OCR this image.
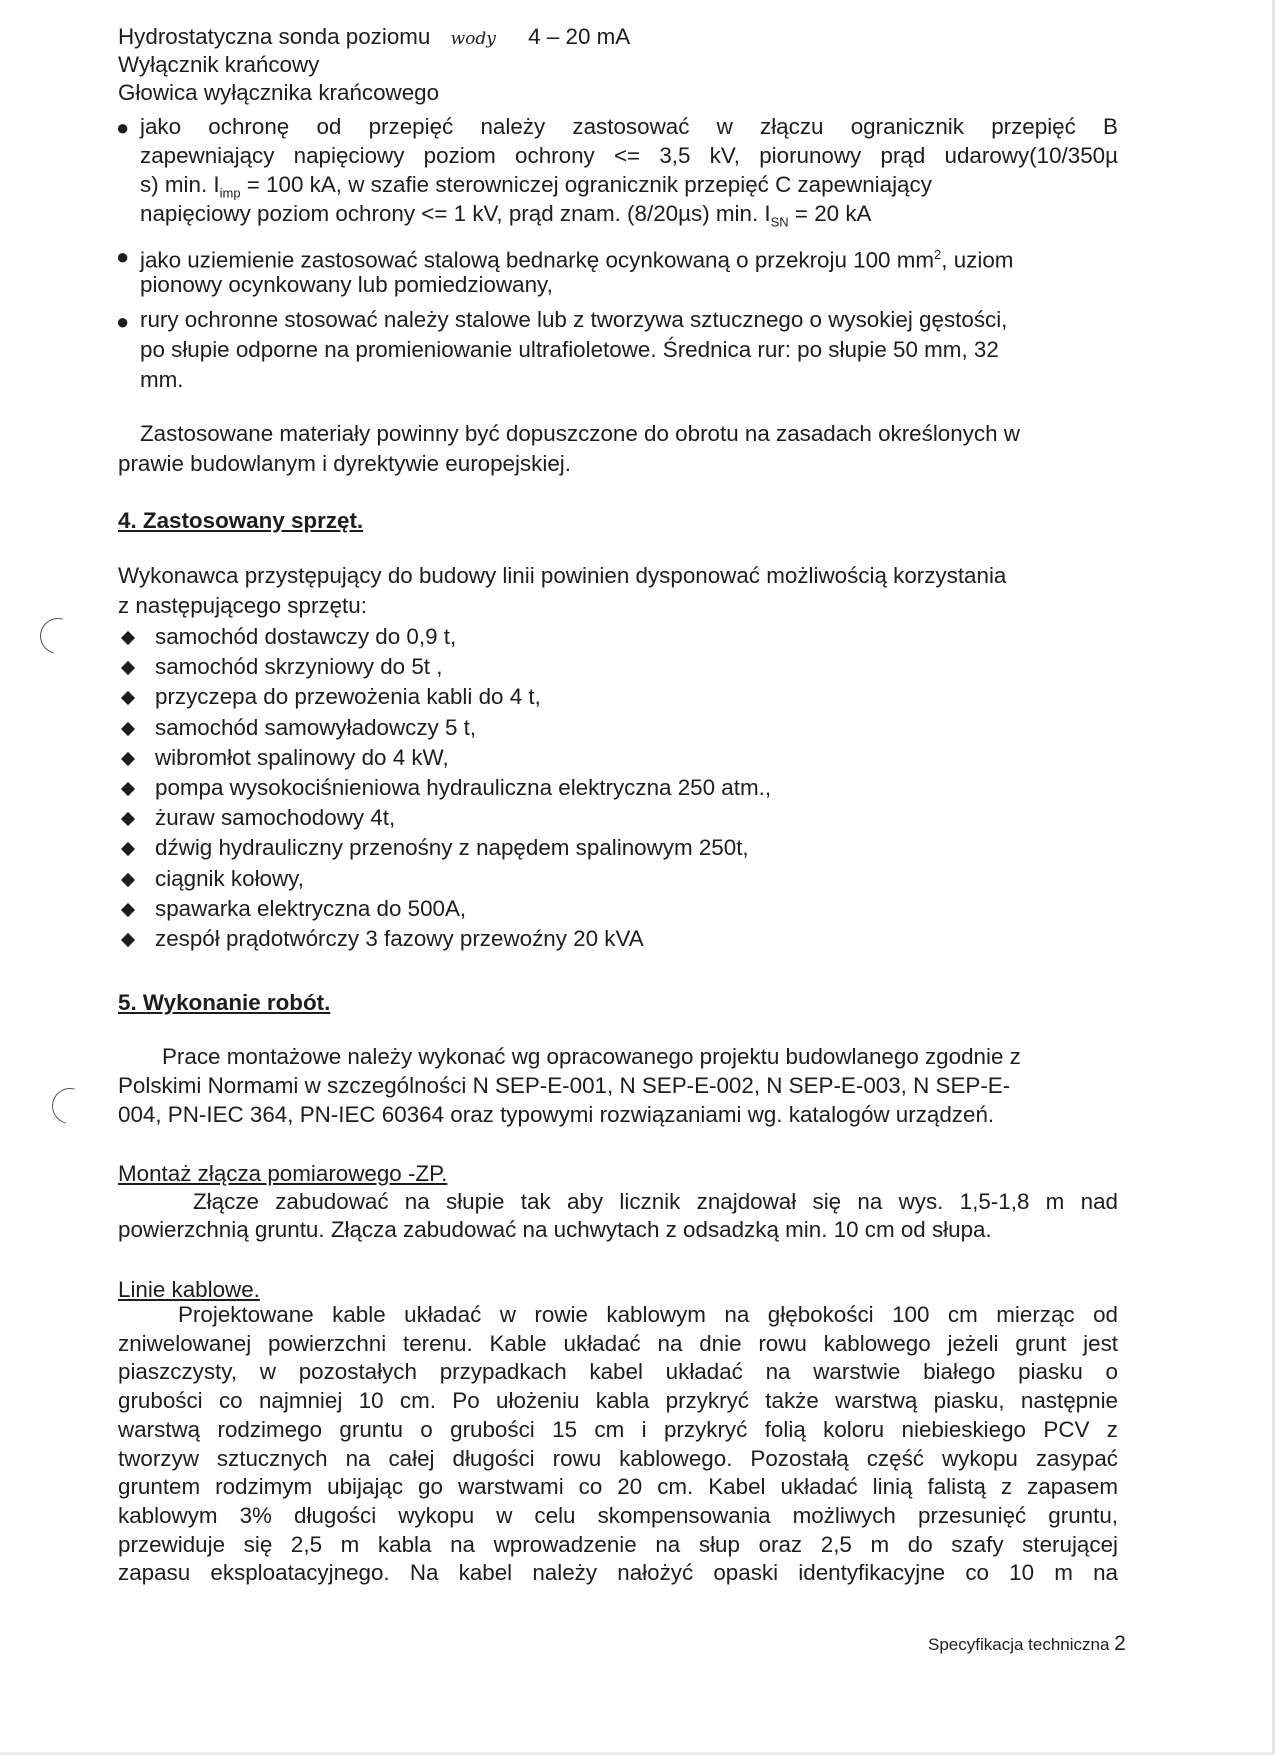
Hydrostatyczna sonda poziomu wody 4 – 20 mA
Wyłącznik krańcowy
Głowica wyłącznika krańcowego
● jako ochronę od przepięć należy zastosować w złączu ogranicznik przepięć B
zapewniający napięciowy poziom ochrony <= 3,5 kV, piorunowy prąd udarowy(10/350µ
s) min. $I_{imp} = 100$ kA, w szafie sterowniczej ogranicznik przepięć C zapewniający
napięciowy poziom ochrony <= 1 kV, prąd znam. (8/20µs) min. $I_{SN} = 20$ kA
● jako uziemienie zastosować stalową bednarkę ocynkowaną o przekroju 100 $mm^2$, uziom
pionowy ocynkowany lub pomiedziowany,
● rury ochronne stosować należy stalowe lub z tworzywa sztucznego o wysokiej gęstości,
po słupie odporne na promieniowanie ultrafioletowe. Średnica rur: po słupie 50 mm, 32
mm.
Zastosowane materiały powinny być dopuszczone do obrotu na zasadach określonych w
prawie budowlanym i dyrektywie europejskiej.
4. Zastosowany sprzęt.
Wykonawca przystępujący do budowy linii powinien dysponować możliwością korzystania
z następującego sprzętu:
samochód dostawczy do 0,9 t,
samochód skrzyniowy do 5t ,
przyczepa do przewożenia kabli do 4 t,
samochód samowyładowczy 5 t,
wibromłot spalinowy do 4 kW,
pompa wysokociśnieniowa hydrauliczna elektryczna 250 atm.,
żuraw samochodowy 4t,
dźwig hydrauliczny przenośny z napędem spalinowym 250t,
ciągnik kołowy,
spawarka elektryczna do 500A,
zespół prądotwórczy 3 fazowy przewoźny 20 kVA
5. Wykonanie robót.
Prace montażowe należy wykonać wg opracowanego projektu budowlanego zgodnie z
Polskimi Normami w szczególności N SEP-E-001, N SEP-E-002, N SEP-E-003, N SEP-E-
004, PN-IEC 364, PN-IEC 60364 oraz typowymi rozwiązaniami wg. katalogów urządzeń.
Montaż złącza pomiarowego -ZP.
Złącze zabudować na słupie tak aby licznik znajdował się na wys. 1,5-1,8 m nad
powierzchnią gruntu. Złącza zabudować na uchwytach z odsadzką min. 10 cm od słupa.
Linie kablowe.
Projektowane kable układać w rowie kablowym na głębokości 100 cm mierząc od
zniwelowanej powierzchni terenu. Kable układać na dnie rowu kablowego jeżeli grunt jest
piaszczysty, w pozostałych przypadkach kabel układać na warstwie białego piasku o
grubości co najmniej 10 cm. Po ułożeniu kabla przykryć także warstwą piasku, następnie
warstwą rodzimego gruntu o grubości 15 cm i przykryć folią koloru niebieskiego PCV z
tworzyw sztucznych na całej długości rowu kablowego. Pozostałą część wykopu zasypać
gruntem rodzimym ubijając go warstwami co 20 cm. Kabel układać linią falistą z zapasem
kablowym 3% długości wykopu w celu skompensowania możliwych przesunięć gruntu,
przewiduje się 2,5 m kabla na wprowadzenie na słup oraz 2,5 m do szafy sterującej
zapasu eksploatacyjnego. Na kabel należy nałożyć opaski identyfikacyjne co 10 m na
Specyfikacja techniczna 2
